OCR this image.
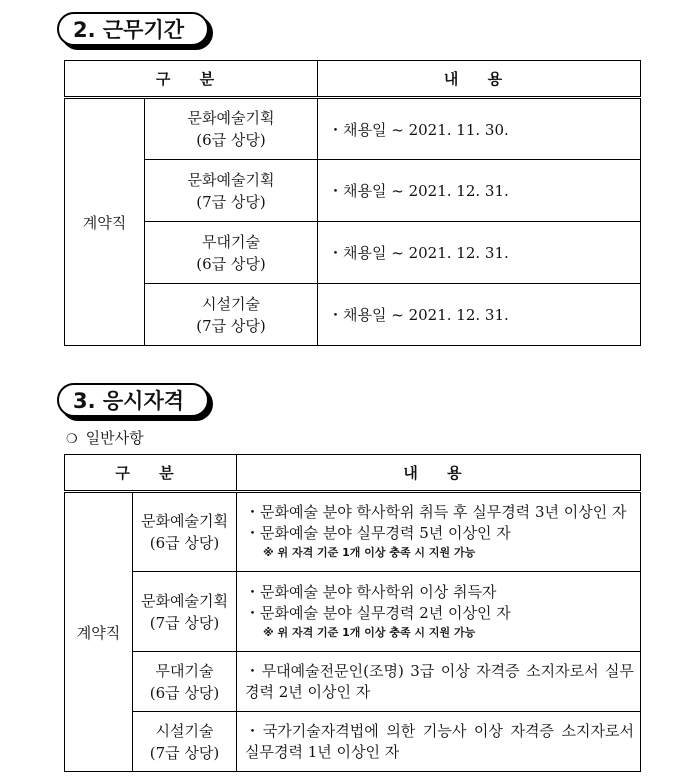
2. 근무기간
구 분		내 용
계약직	문화예술기획
(6급 상당)	・채용일 ~ 2021. 11. 30.

	문화예술기획
(7급 상당)	・채용일 ~ 2021. 12. 31.

	무대기술
(6급 상당)	・채용일 ~ 2021. 12. 31.

	시설기술
(7급 상당)	・채용일 ~ 2021. 12. 31.
3. 응시자격
❍ 일반사항
구 분		내 용
계약직	문화예술기획
(6급 상당)	・문화예술 분야 학사학위 취득 후 실무경력 3년 이상인 자
・문화예술 분야 실무경력 5년 이상인 자
※ 위 자격 기준 1개 이상 충족 시 지원 가능

	문화예술기획
(7급 상당)	・문화예술 분야 학사학위 이상 취득자
・문화예술 분야 실무경력 2년 이상인 자
※ 위 자격 기준 1개 이상 충족 시 지원 가능

	무대기술
(6급 상당)	・무대예술전문인(조명) 3급 이상 자격증 소지자로서 실무 경력 2년 이상인 자

	시설기술
(7급 상당)	・국가기술자격법에 의한 기능사 이상 자격증 소지자로서 실무경력 1년 이상인 자
